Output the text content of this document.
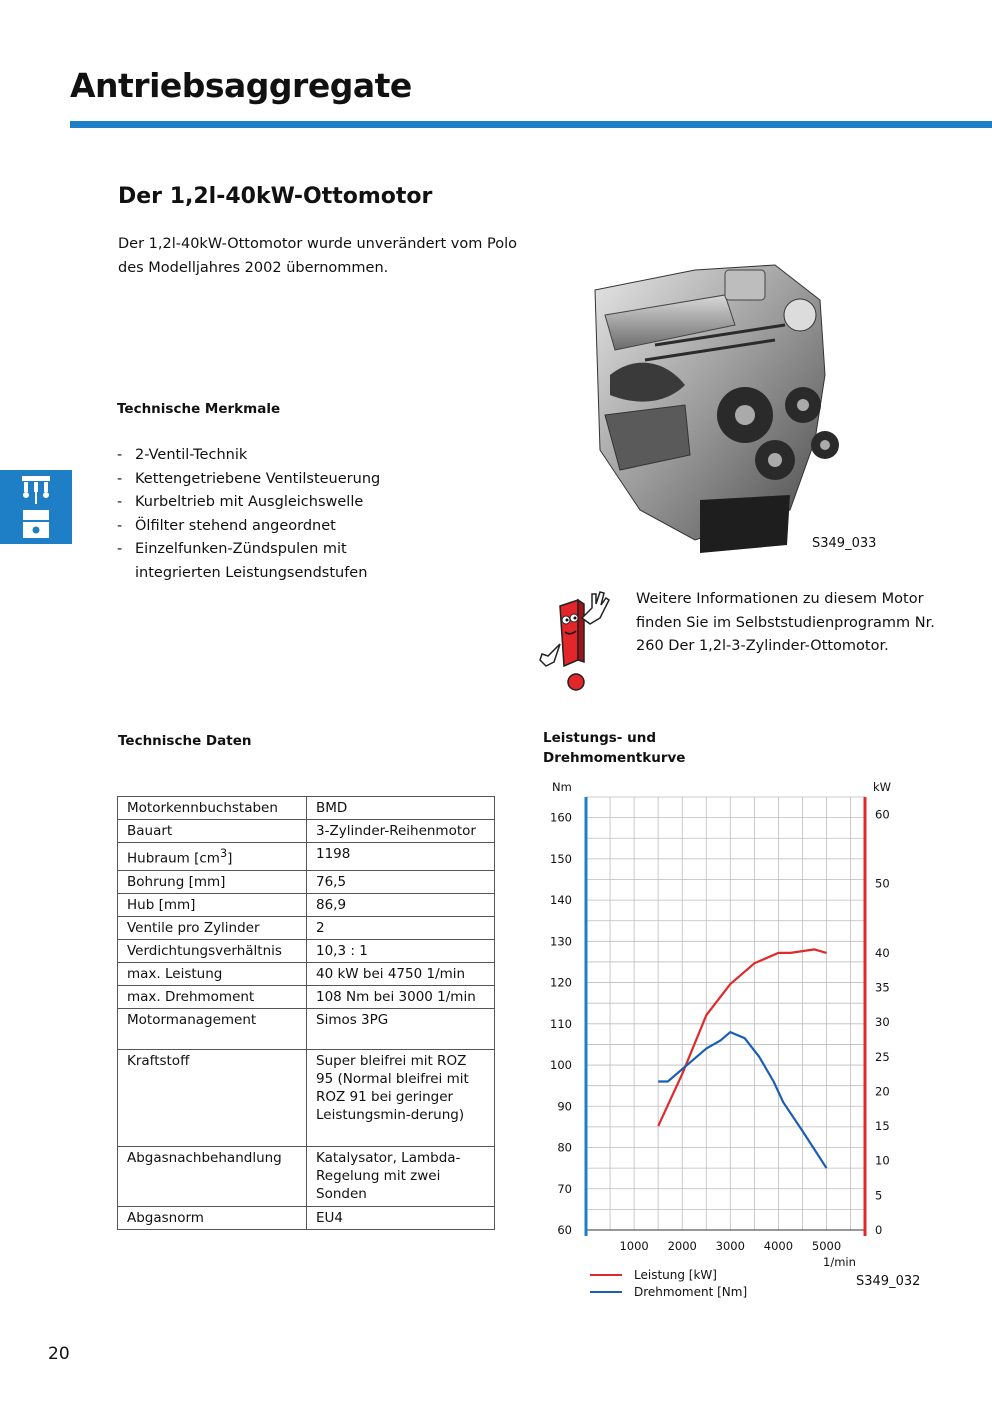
Antriebsaggregate
Der 1,2l-40kW-Ottomotor
Der 1,2l-40kW-Ottomotor wurde unverändert vom Polo des Modelljahres 2002 übernommen.
Technische Merkmale
- 2-Ventil-Technik
- Kettengetriebene Ventilsteuerung
- Kurbeltrieb mit Ausgleichswelle
- Ölfilter stehend angeordnet
- Einzelfunken-Zündspulen mit integrierten Leistungsendstufen
S349_033
Weitere Informationen zu diesem Motor finden Sie im Selbststudienprogramm Nr. 260 Der 1,2l-3-Zylinder-Ottomotor.
Technische Daten
Motorkennbuchstaben	BMD
Bauart	3-Zylinder-Reihenmotor
Hubraum $[cm^3]$	1198
Bohrung [mm]	76,5
Hub [mm]	86,9
Ventile pro Zylinder	2
Verdichtungsverhältnis	10,3 : 1
max. Leistung	40 kW bei 4750 1/min
max. Drehmoment	108 Nm bei 3000 1/min
Motormanagement	Simos 3PG
Kraftstoff	Super bleifrei mit ROZ 95 (Normal bleifrei mit ROZ 91 bei geringer Leistungsmin-derung)
Abgasnachbehandlung	Katalysator, Lambda-Regelung mit zwei Sonden
Abgasnorm	EU4
Leistungs- und Drehmomentkurve
60
70
80
90
100
110
120
130
140
150
160
0
5
10
15
20
25
30
35
40
50
60
1000 2000 3000 4000 5000
Nm	kW
1/min
Leistung [kW]
Drehmoment [Nm]
S349_032
20
